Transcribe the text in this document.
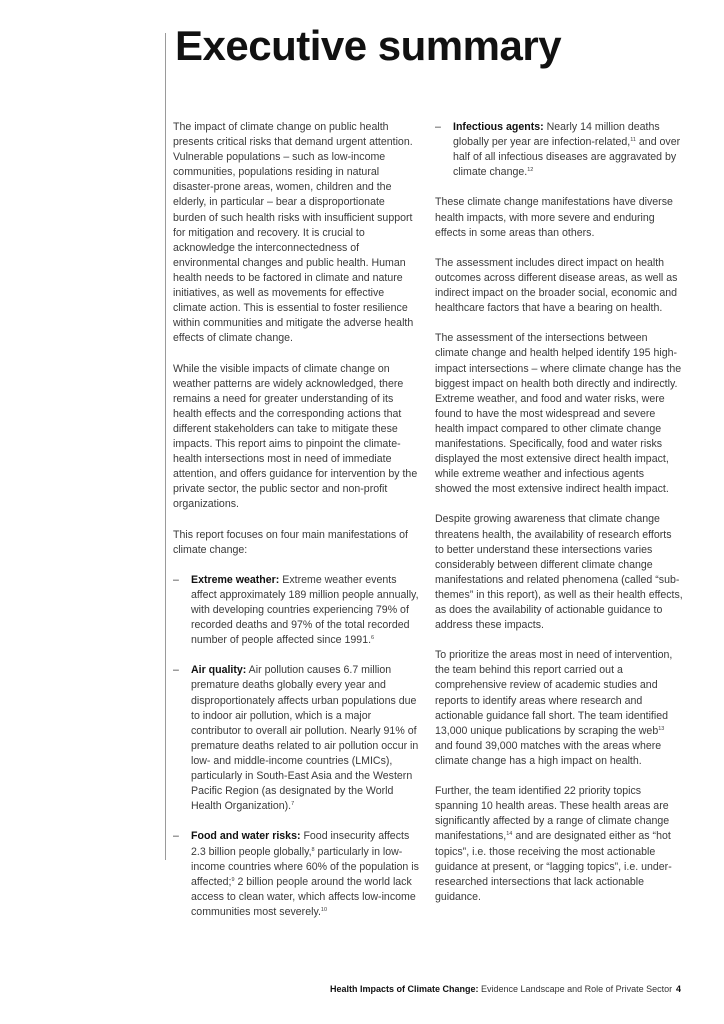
Executive summary

The impact of climate change on public health presents critical risks that demand urgent attention. Vulnerable populations – such as low-income communities, populations residing in natural disaster-prone areas, women, children and the elderly, in particular – bear a disproportionate burden of such health risks with insufficient support for mitigation and recovery. It is crucial to acknowledge the interconnectedness of environmental changes and public health. Human health needs to be factored in climate and nature initiatives, as well as movements for effective climate action. This is essential to foster resilience within communities and mitigate the adverse health effects of climate change.

While the visible impacts of climate change on weather patterns are widely acknowledged, there remains a need for greater understanding of its health effects and the corresponding actions that different stakeholders can take to mitigate these impacts. This report aims to pinpoint the climate-health intersections most in need of immediate attention, and offers guidance for intervention by the private sector, the public sector and non-profit organizations.

This report focuses on four main manifestations of climate change:

– Extreme weather: Extreme weather events affect approximately 189 million people annually, with developing countries experiencing 79% of recorded deaths and 97% of the total recorded number of people affected since 1991.$^6$
– Air quality: Air pollution causes 6.7 million premature deaths globally every year and disproportionately affects urban populations due to indoor air pollution, which is a major contributor to overall air pollution. Nearly 91% of premature deaths related to air pollution occur in low- and middle-income countries (LMICs), particularly in South-East Asia and the Western Pacific Region (as designated by the World Health Organization).$^7$
– Food and water risks: Food insecurity affects 2.3 billion people globally,$^8$ particularly in low-income countries where 60% of the population is affected;$^9$ 2 billion people around the world lack access to clean water, which affects low-income communities most severely.$^{10}$
– Infectious agents: Nearly 14 million deaths globally per year are infection-related,$^{11}$ and over half of all infectious diseases are aggravated by climate change.$^{12}$

These climate change manifestations have diverse health impacts, with more severe and enduring effects in some areas than others.

The assessment includes direct impact on health outcomes across different disease areas, as well as indirect impact on the broader social, economic and healthcare factors that have a bearing on health.

The assessment of the intersections between climate change and health helped identify 195 high-impact intersections – where climate change has the biggest impact on health both directly and indirectly. Extreme weather, and food and water risks, were found to have the most widespread and severe health impact compared to other climate change manifestations. Specifically, food and water risks displayed the most extensive direct health impact, while extreme weather and infectious agents showed the most extensive indirect health impact.

Despite growing awareness that climate change threatens health, the availability of research efforts to better understand these intersections varies considerably between different climate change manifestations and related phenomena (called “sub-themes” in this report), as well as their health effects, as does the availability of actionable guidance to address these impacts.

To prioritize the areas most in need of intervention, the team behind this report carried out a comprehensive review of academic studies and reports to identify areas where research and actionable guidance fall short. The team identified 13,000 unique publications by scraping the web$^{13}$ and found 39,000 matches with the areas where climate change has a high impact on health.

Further, the team identified 22 priority topics spanning 10 health areas. These health areas are significantly affected by a range of climate change manifestations,$^{14}$ and are designated either as “hot topics”, i.e. those receiving the most actionable guidance at present, or “lagging topics”, i.e. under-researched intersections that lack actionable guidance.

Health Impacts of Climate Change: Evidence Landscape and Role of Private Sector 4
